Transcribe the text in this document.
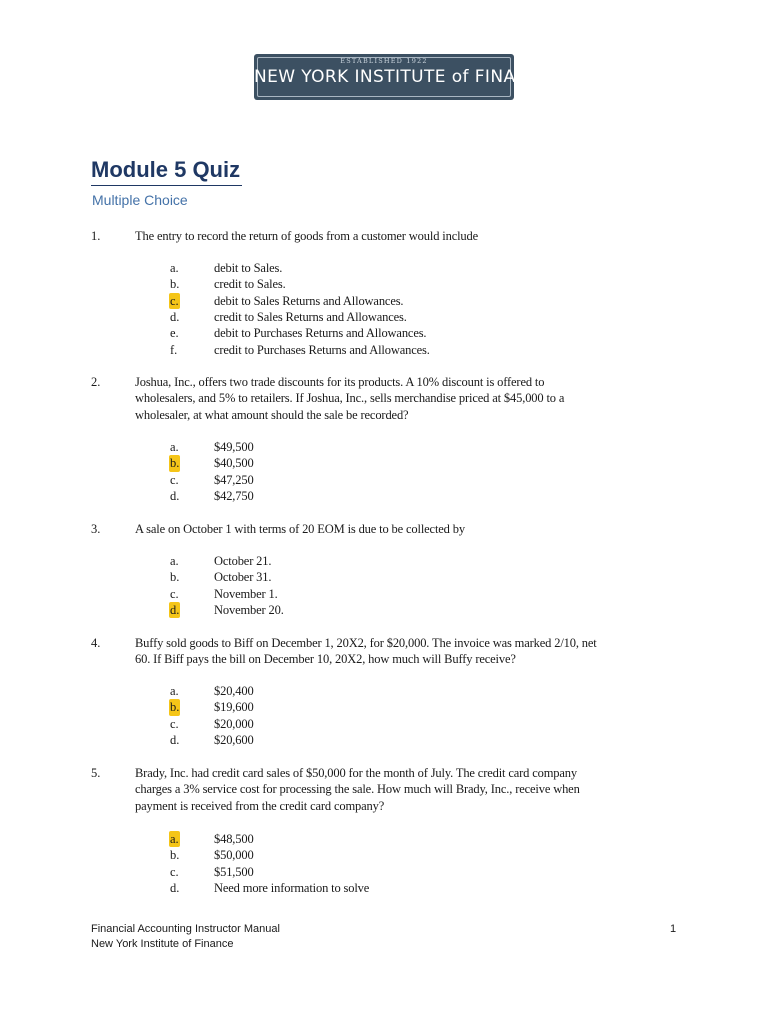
ESTABLISHED 1922
NEW YORK INSTITUTE of FINANCE
Module 5 Quiz
Multiple Choice
1.	The entry to record the return of goods from a customer would include
a.	debit to Sales.
b.	credit to Sales.
c.	debit to Sales Returns and Allowances.
d.	credit to Sales Returns and Allowances.
e.	debit to Purchases Returns and Allowances.
f.	credit to Purchases Returns and Allowances.
2.	Joshua, Inc., offers two trade discounts for its products. A 10% discount is offered to
wholesalers, and 5% to retailers. If Joshua, Inc., sells merchandise priced at $45,000 to a
wholesaler, at what amount should the sale be recorded?
a.	$49,500
b.	$40,500
c.	$47,250
d.	$42,750
3.	A sale on October 1 with terms of 20 EOM is due to be collected by
a.	October 21.
b.	October 31.
c.	November 1.
d.	November 20.
4.	Buffy sold goods to Biff on December 1, 20X2, for $20,000. The invoice was marked 2/10, net
60. If Biff pays the bill on December 10, 20X2, how much will Buffy receive?
a.	$20,400
b.	$19,600
c.	$20,000
d.	$20,600
5.	Brady, Inc. had credit card sales of $50,000 for the month of July. The credit card company
charges a 3% service cost for processing the sale. How much will Brady, Inc., receive when
payment is received from the credit card company?
a.	$48,500
b.	$50,000
c.	$51,500
d.	Need more information to solve
Financial Accounting Instructor Manual
New York Institute of Finance
1
